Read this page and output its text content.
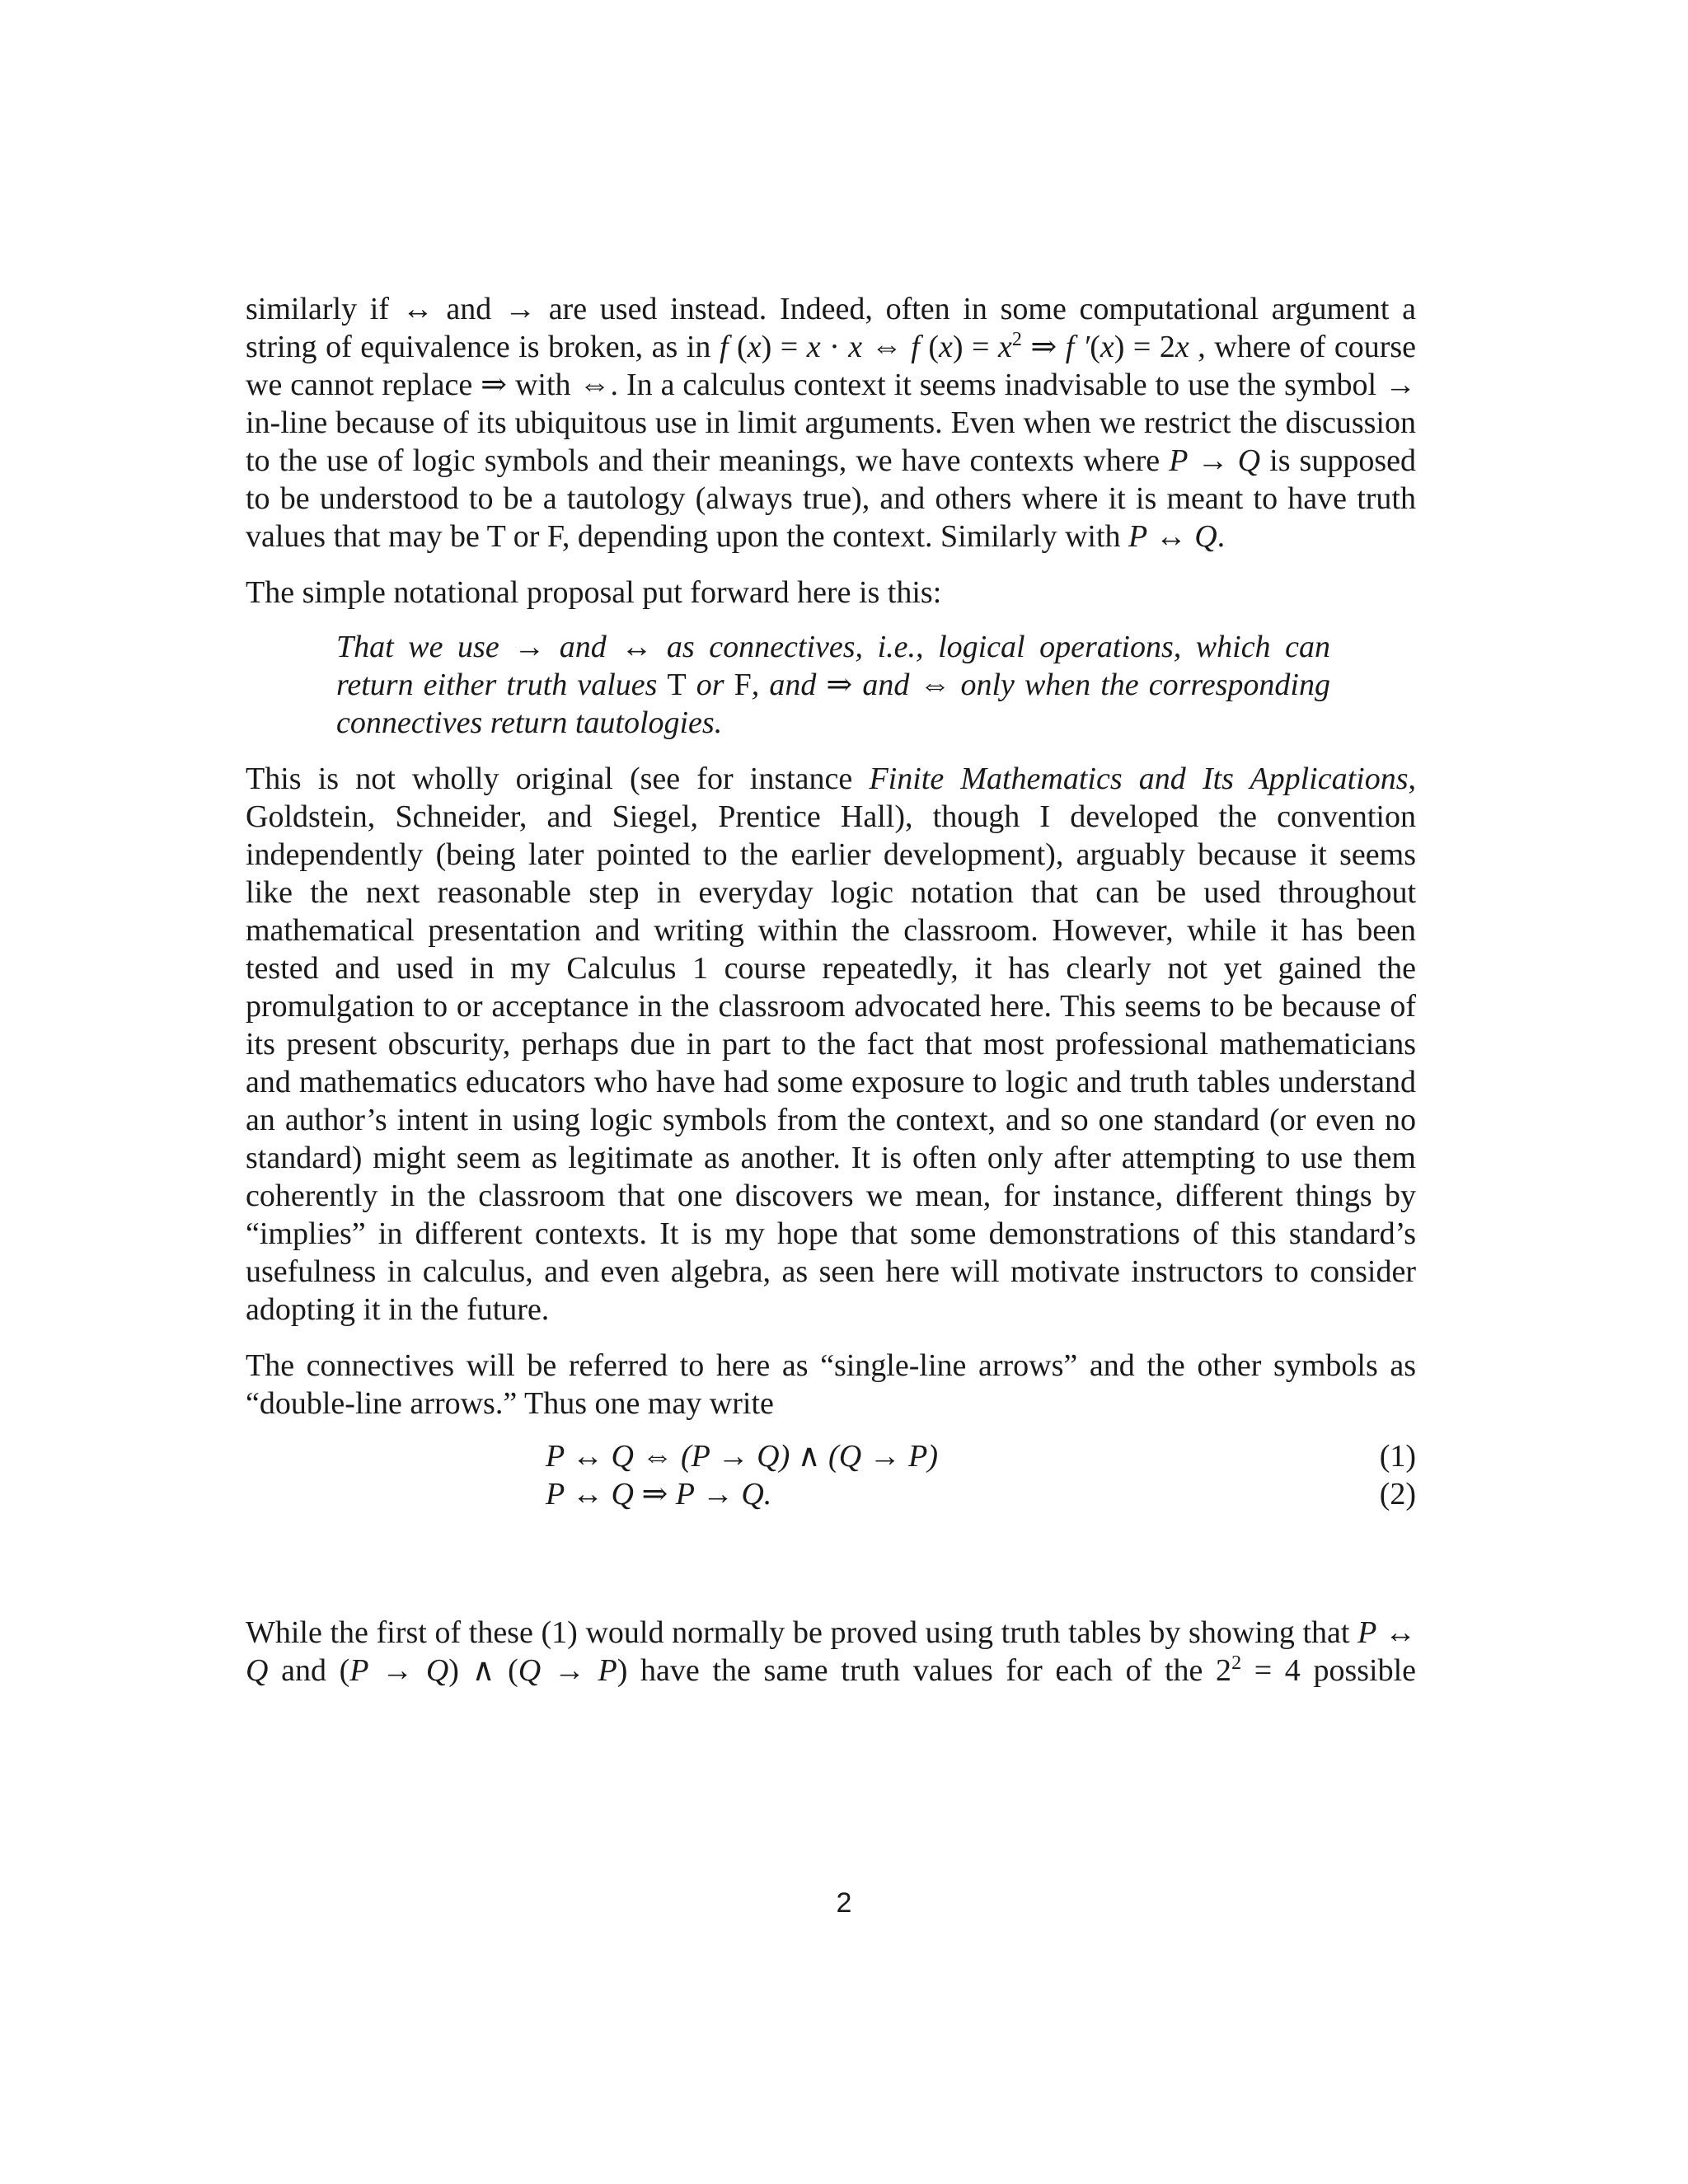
similarly if ↔ and → are used instead. Indeed, often in some computational argument a string of equivalence is broken, as in f (x) = x · x ⇔ f $(x) = x^2$ ⇒ f ′(x) = 2x , where of course we cannot replace ⇒ with ⇔. In a calculus context it seems inadvisable to use the symbol → in-line because of its ubiquitous use in limit arguments. Even when we restrict the discussion to the use of logic symbols and their meanings, we have contexts where P → Q is supposed to be understood to be a tautology (always true), and others where it is meant to have truth values that may be T or F, depending upon the context. Similarly with P ↔ Q.

The simple notational proposal put forward here is this:

That we use → and ↔ as connectives, i.e., logical operations, which can return either truth values T or F, and ⇒ and ⇔ only when the corresponding connectives return tautologies.

This is not wholly original (see for instance Finite Mathematics and Its Applications, Goldstein, Schneider, and Siegel, Prentice Hall), though I developed the convention independently (being later pointed to the earlier development), arguably because it seems like the next reasonable step in everyday logic notation that can be used throughout mathematical presentation and writing within the classroom. However, while it has been tested and used in my Calculus 1 course repeatedly, it has clearly not yet gained the promulgation to or acceptance in the classroom advocated here. This seems to be because of its present obscurity, perhaps due in part to the fact that most professional mathematicians and mathematics educators who have had some exposure to logic and truth tables understand an author’s intent in using logic symbols from the context, and so one standard (or even no standard) might seem as legitimate as another. It is often only after attempting to use them coherently in the classroom that one discovers we mean, for instance, different things by “implies” in different contexts. It is my hope that some demonstrations of this standard’s usefulness in calculus, and even algebra, as seen here will motivate instructors to consider adopting it in the future.

The connectives will be referred to here as “single-line arrows” and the other symbols as “double-line arrows.” Thus one may write

P ↔ Q ⇔ (P → Q) ∧ (Q → P)	(1)
P ↔ Q ⇒ P → Q.	(2)

While the first of these (1) would normally be proved using truth tables by showing that P ↔ Q and (P → Q) ∧ (Q → P) have the same truth values for each of the $2^2 = 4$ possible

2
